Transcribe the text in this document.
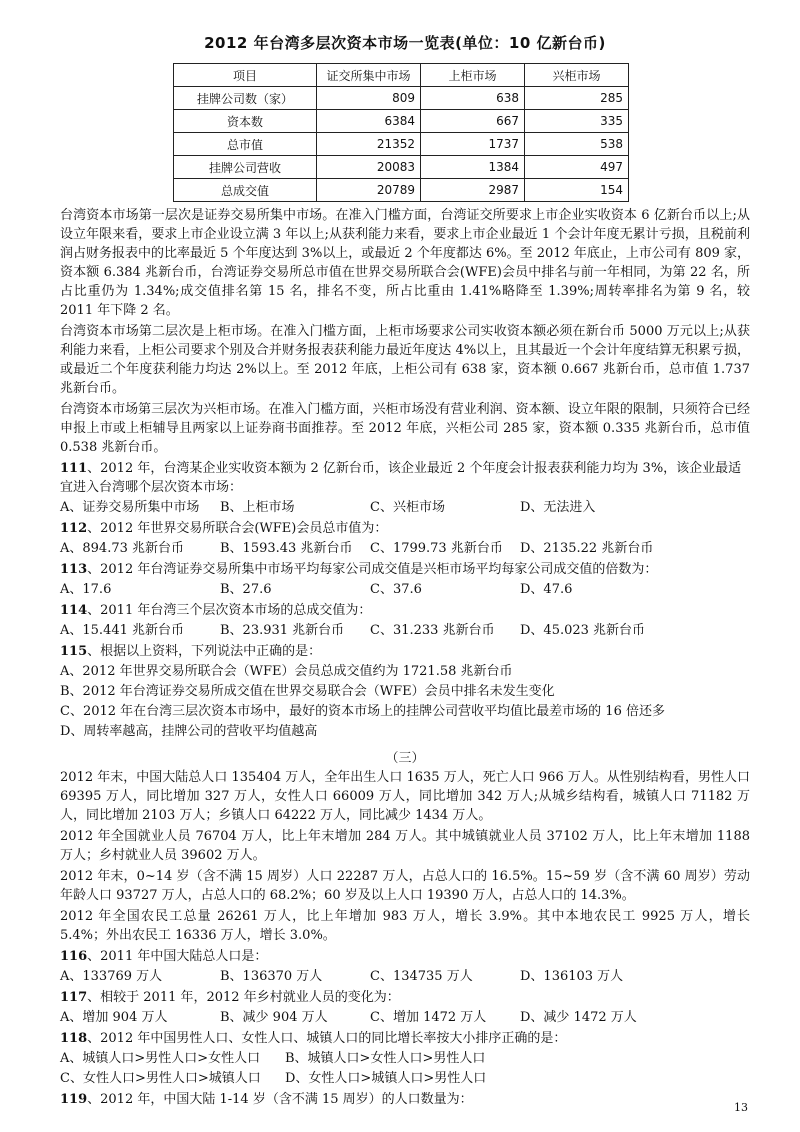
2012 年台湾多层次资本市场一览表(单位：10 亿新台币)
项目	证交所集中市场	上柜市场	兴柜市场
挂牌公司数（家）	809	638	285
资本数	6384	667	335
总市值	21352	1737	538
挂牌公司营收	20083	1384	497
总成交值	20789	2987	154

台湾资本市场第一层次是证券交易所集中市场。在准入门槛方面，台湾证交所要求上市企业实收资本 6 亿新台币以上;从设立年限来看，要求上市企业设立满 3 年以上;从获利能力来看，要求上市企业最近 1 个会计年度无累计亏损，且税前利润占财务报表中的比率最近 5 个年度达到 3%以上，或最近 2 个年度都达 6%。至 2012 年底止，上市公司有 809 家，资本额 6.384 兆新台币，台湾证券交易所总市值在世界交易所联合会(WFE)会员中排名与前一年相同，为第 22 名，所占比重仍为 1.34%;成交值排名第 15 名，排名不变，所占比重由 1.41%略降至 1.39%;周转率排名为第 9 名，较 2011 年下降 2 名。

台湾资本市场第二层次是上柜市场。在准入门槛方面，上柜市场要求公司实收资本额必须在新台币 5000 万元以上;从获利能力来看，上柜公司要求个别及合并财务报表获利能力最近年度达 4%以上，且其最近一个会计年度结算无积累亏损，或最近二个年度获利能力均达 2%以上。至 2012 年底，上柜公司有 638 家，资本额 0.667 兆新台币，总市值 1.737 兆新台币。

台湾资本市场第三层次为兴柜市场。在准入门槛方面，兴柜市场没有营业利润、资本额、设立年限的限制，只须符合已经申报上市或上柜辅导且两家以上证券商书面推荐。至 2012 年底，兴柜公司 285 家，资本额 0.335 兆新台币，总市值 0.538 兆新台币。

111、2012 年，台湾某企业实收资本额为 2 亿新台币，该企业最近 2 个年度会计报表获利能力均为 3%，该企业最适宜进入台湾哪个层次资本市场：

A、证券交易所集中市场 B、上柜市场	C、兴柜市场	D、无法进入

112、2012 年世界交易所联合会(WFE)会员总市值为：

A、894.73 兆新台币	B、1593.43 兆新台币 C、1799.73 兆新台币 D、2135.22 兆新台币

113、2012 年台湾证券交易所集中市场平均每家公司成交值是兴柜市场平均每家公司成交值的倍数为：

A、17.6	B、27.6	C、37.6	D、47.6

114、2011 年台湾三个层次资本市场的总成交值为：

A、15.441 兆新台币	B、23.931 兆新台币 C、31.233 兆新台币 D、45.023 兆新台币

115、根据以上资料，下列说法中正确的是：

A、2012 年世界交易所联合会（WFE）会员总成交值约为 1721.58 兆新台币
B、2012 年台湾证券交易所成交值在世界交易联合会（WFE）会员中排名未发生变化
C、2012 年在台湾三层次资本市场中，最好的资本市场上的挂牌公司营收平均值比最差市场的 16 倍还多
D、周转率越高，挂牌公司的营收平均值越高
（三）

2012 年末，中国大陆总人口 135404 万人，全年出生人口 1635 万人，死亡人口 966 万人。从性别结构看，男性人口 69395 万人，同比增加 327 万人，女性人口 66009 万人，同比增加 342 万人;从城乡结构看，城镇人口 71182 万人，同比增加 2103 万人；乡镇人口 64222 万人，同比减少 1434 万人。

2012 年全国就业人员 76704 万人，比上年末增加 284 万人。其中城镇就业人员 37102 万人，比上年末增加 1188 万人；乡村就业人员 39602 万人。

2012 年末，0~14 岁（含不满 15 周岁）人口 22287 万人，占总人口的 16.5%。15~59 岁（含不满 60 周岁）劳动年龄人口 93727 万人，占总人口的 68.2%；60 岁及以上人口 19390 万人，占总人口的 14.3%。

2012 年全国农民工总量 26261 万人，比上年增加 983 万人，增长 3.9%。其中本地农民工 9925 万人，增长 5.4%；外出农民工 16336 万人，增长 3.0%。

116、2011 年中国大陆总人口是：

A、133769 万人	B、136370 万人	C、134735 万人	D、136103 万人

117、相较于 2011 年，2012 年乡村就业人员的变化为：

A、增加 904 万人	B、减少 904 万人	C、增加 1472 万人	D、减少 1472 万人

118、2012 年中国男性人口、女性人口、城镇人口的同比增长率按大小排序正确的是：

A、城镇人口>男性人口>女性人口 B、城镇人口>女性人口>男性人口
C、女性人口>男性人口>城镇人口 D、女性人口>城镇人口>男性人口

119、2012 年，中国大陆 1-14 岁（含不满 15 周岁）的人口数量为：

13
